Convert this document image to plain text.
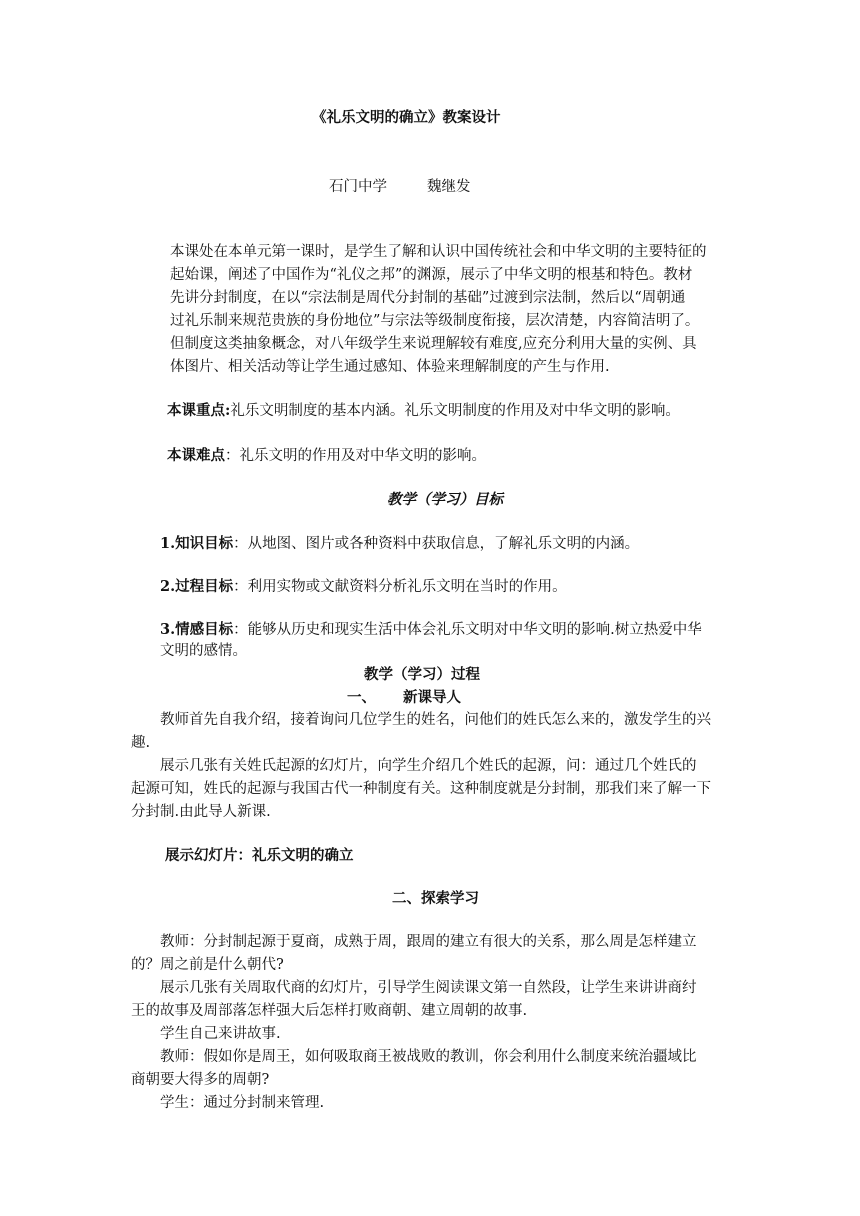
《礼乐文明的确立》教案设计
石门中学	魏继发
本课处在本单元第一课时，是学生了解和认识中国传统社会和中华文明的主要特征的
起始课，阐述了中国作为“礼仪之邦”的渊源，展示了中华文明的根基和特色。教材
先讲分封制度，在以“宗法制是周代分封制的基础”过渡到宗法制，然后以“周朝通
过礼乐制来规范贵族的身份地位”与宗法等级制度衔接，层次清楚，内容简洁明了。
但制度这类抽象概念，对八年级学生来说理解较有难度,应充分利用大量的实例、具
体图片、相关活动等让学生通过感知、体验来理解制度的产生与作用.
本课重点:礼乐文明制度的基本内涵。礼乐文明制度的作用及对中华文明的影响。
本课难点：礼乐文明的作用及对中华文明的影响。
教学（学习）目标
1.知识目标：从地图、图片或各种资料中获取信息，了解礼乐文明的内涵。
2.过程目标：利用实物或文献资料分析礼乐文明在当时的作用。
3.情感目标：能够从历史和现实生活中体会礼乐文明对中华文明的影响.树立热爱中华
文明的感情。
教学（学习）过程
一、 新课导人
教师首先自我介绍，接着询问几位学生的姓名，问他们的姓氏怎么来的，激发学生的兴
趣.
展示几张有关姓氏起源的幻灯片，向学生介绍几个姓氏的起源，问：通过几个姓氏的
起源可知，姓氏的起源与我国古代一种制度有关。这种制度就是分封制，那我们来了解一下
分封制.由此导人新课.
展示幻灯片：礼乐文明的确立
二、探索学习
教师：分封制起源于夏商，成熟于周，跟周的建立有很大的关系，那么周是怎样建立
的？周之前是什么朝代?
展示几张有关周取代商的幻灯片，引导学生阅读课文第一自然段，让学生来讲讲商纣
王的故事及周部落怎样强大后怎样打败商朝、建立周朝的故事.
学生自己来讲故事.
教师：假如你是周王，如何吸取商王被战败的教训，你会利用什么制度来统治疆域比
商朝要大得多的周朝?
学生：通过分封制来管理.
